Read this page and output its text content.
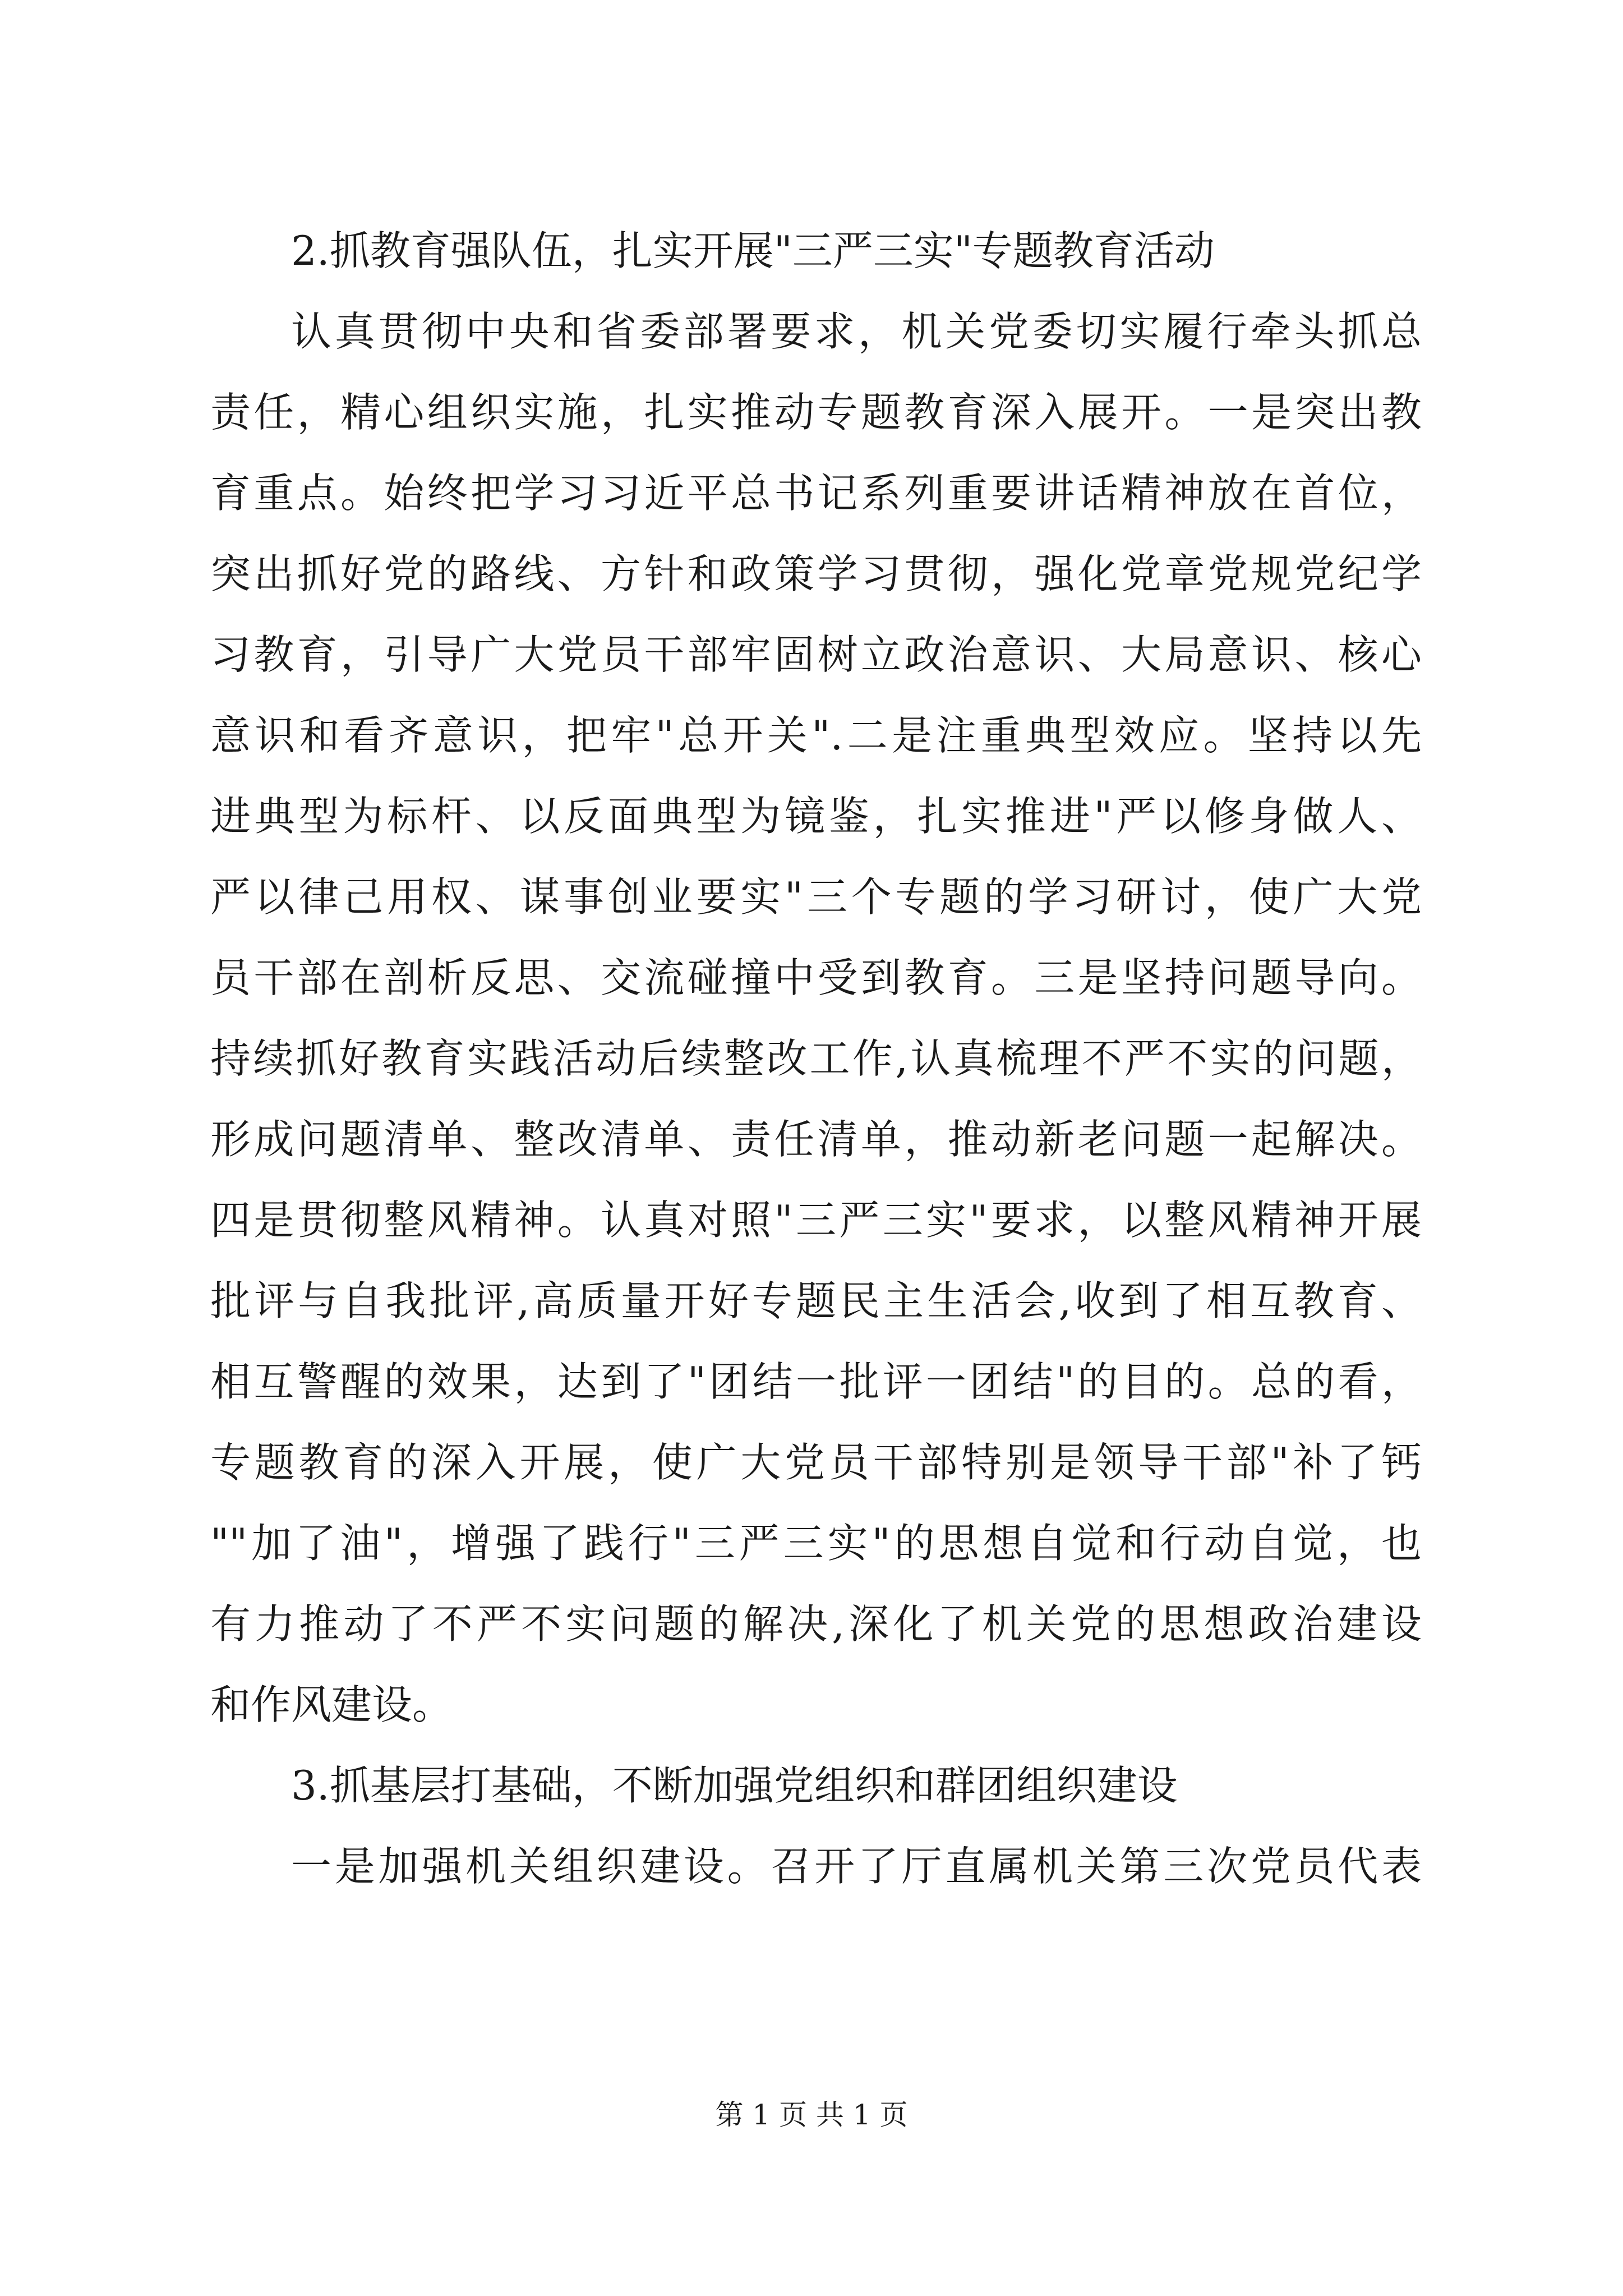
2.抓教育强队伍，扎实开展"三严三实"专题教育活动
认真贯彻中央和省委部署要求，机关党委切实履行牵头抓总
责任，精心组织实施，扎实推动专题教育深入展开。一是突出教
育重点。始终把学习习近平总书记系列重要讲话精神放在首位，
突出抓好党的路线、方针和政策学习贯彻，强化党章党规党纪学
习教育，引导广大党员干部牢固树立政治意识、大局意识、核心
意识和看齐意识，把牢"总开关".二是注重典型效应。坚持以先
进典型为标杆、以反面典型为镜鉴，扎实推进"严以修身做人、
严以律己用权、谋事创业要实"三个专题的学习研讨，使广大党
员干部在剖析反思、交流碰撞中受到教育。三是坚持问题导向。
持续抓好教育实践活动后续整改工作,认真梳理不严不实的问题，
形成问题清单、整改清单、责任清单，推动新老问题一起解决。
四是贯彻整风精神。认真对照"三严三实"要求，以整风精神开展
批评与自我批评,高质量开好专题民主生活会,收到了相互教育、
相互警醒的效果，达到了"团结一批评一团结"的目的。总的看，
专题教育的深入开展，使广大党员干部特别是领导干部"补了钙
""加了油"，增强了践行"三严三实"的思想自觉和行动自觉，也
有力推动了不严不实问题的解决,深化了机关党的思想政治建设
和作风建设。
3.抓基层打基础，不断加强党组织和群团组织建设
一是加强机关组织建设。召开了厅直属机关第三次党员代表
第 1 页 共 1 页
